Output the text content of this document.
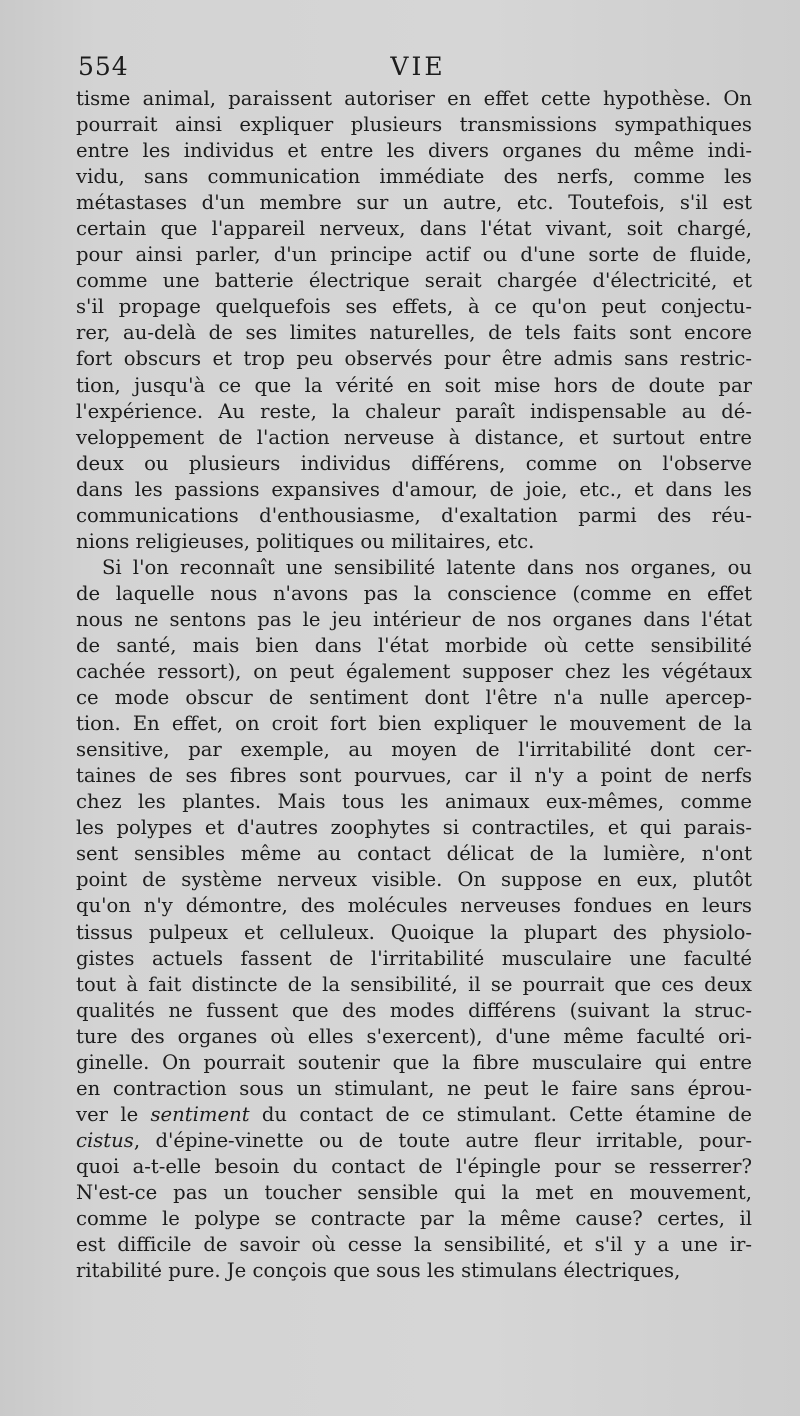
554	VIE
tisme animal, paraissent autoriser en effet cette hypothèse. On
pourrait ainsi expliquer plusieurs transmissions sympathiques
entre les individus et entre les divers organes du même indi-
vidu, sans communication immédiate des nerfs, comme les
métastases d'un membre sur un autre, etc. Toutefois, s'il est
certain que l'appareil nerveux, dans l'état vivant, soit chargé,
pour ainsi parler, d'un principe actif ou d'une sorte de fluide,
comme une batterie électrique serait chargée d'électricité, et
s'il propage quelquefois ses effets, à ce qu'on peut conjectu-
rer, au-delà de ses limites naturelles, de tels faits sont encore
fort obscurs et trop peu observés pour être admis sans restric-
tion, jusqu'à ce que la vérité en soit mise hors de doute par
l'expérience. Au reste, la chaleur paraît indispensable au dé-
veloppement de l'action nerveuse à distance, et surtout entre
deux ou plusieurs individus différens, comme on l'observe
dans les passions expansives d'amour, de joie, etc., et dans les
communications d'enthousiasme, d'exaltation parmi des réu-
nions religieuses, politiques ou militaires, etc.
Si l'on reconnaît une sensibilité latente dans nos organes, ou
de laquelle nous n'avons pas la conscience (comme en effet
nous ne sentons pas le jeu intérieur de nos organes dans l'état
de santé, mais bien dans l'état morbide où cette sensibilité
cachée ressort), on peut également supposer chez les végétaux
ce mode obscur de sentiment dont l'être n'a nulle apercep-
tion. En effet, on croit fort bien expliquer le mouvement de la
sensitive, par exemple, au moyen de l'irritabilité dont cer-
taines de ses fibres sont pourvues, car il n'y a point de nerfs
chez les plantes. Mais tous les animaux eux-mêmes, comme
les polypes et d'autres zoophytes si contractiles, et qui parais-
sent sensibles même au contact délicat de la lumière, n'ont
point de système nerveux visible. On suppose en eux, plutôt
qu'on n'y démontre, des molécules nerveuses fondues en leurs
tissus pulpeux et celluleux. Quoique la plupart des physiolo-
gistes actuels fassent de l'irritabilité musculaire une faculté
tout à fait distincte de la sensibilité, il se pourrait que ces deux
qualités ne fussent que des modes différens (suivant la struc-
ture des organes où elles s'exercent), d'une même faculté ori-
ginelle. On pourrait soutenir que la fibre musculaire qui entre
en contraction sous un stimulant, ne peut le faire sans éprou-
ver le sentiment du contact de ce stimulant. Cette étamine de
cistus, d'épine-vinette ou de toute autre fleur irritable, pour-
quoi a-t-elle besoin du contact de l'épingle pour se resserrer?
N'est-ce pas un toucher sensible qui la met en mouvement,
comme le polype se contracte par la même cause? certes, il
est difficile de savoir où cesse la sensibilité, et s'il y a une ir-
ritabilité pure. Je conçois que sous les stimulans électriques,
